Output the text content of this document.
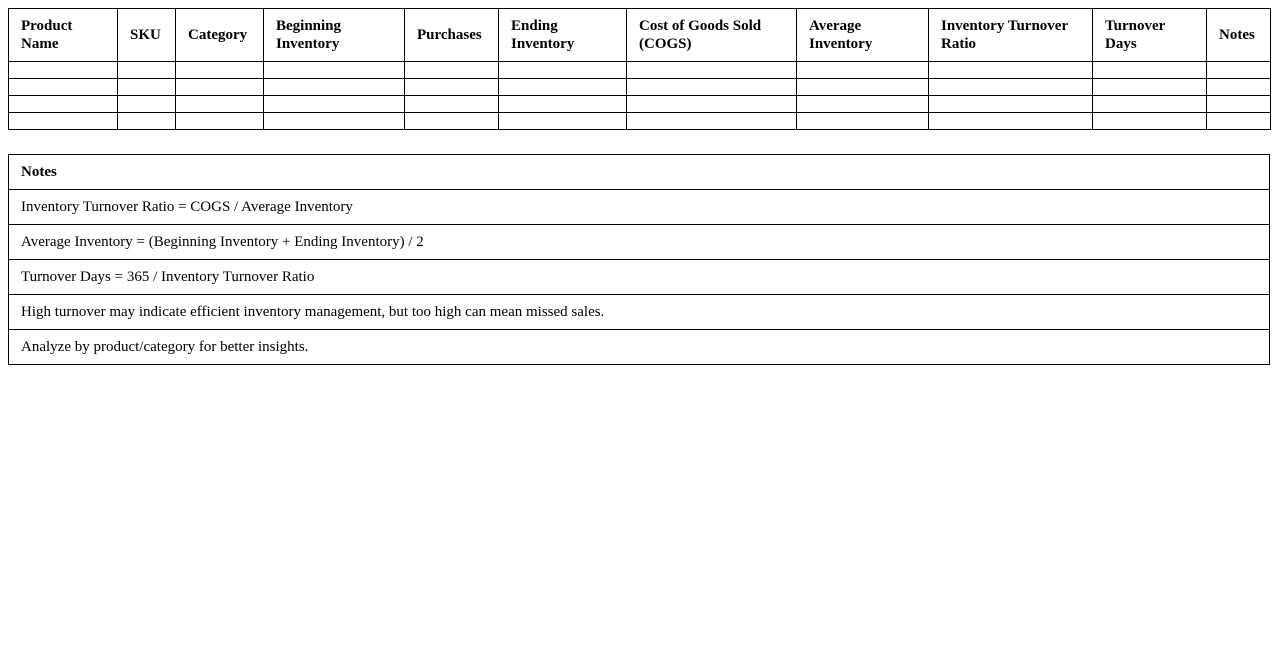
Product Name	SKU	Category	Beginning Inventory	Purchases	Ending Inventory	Cost of Goods Sold (COGS)	Average Inventory	Inventory Turnover Ratio	Turnover Days	Notes

Notes
Inventory Turnover Ratio = COGS / Average Inventory
Average Inventory = (Beginning Inventory + Ending Inventory) / 2
Turnover Days = 365 / Inventory Turnover Ratio
High turnover may indicate efficient inventory management, but too high can mean missed sales.
Analyze by product/category for better insights.
